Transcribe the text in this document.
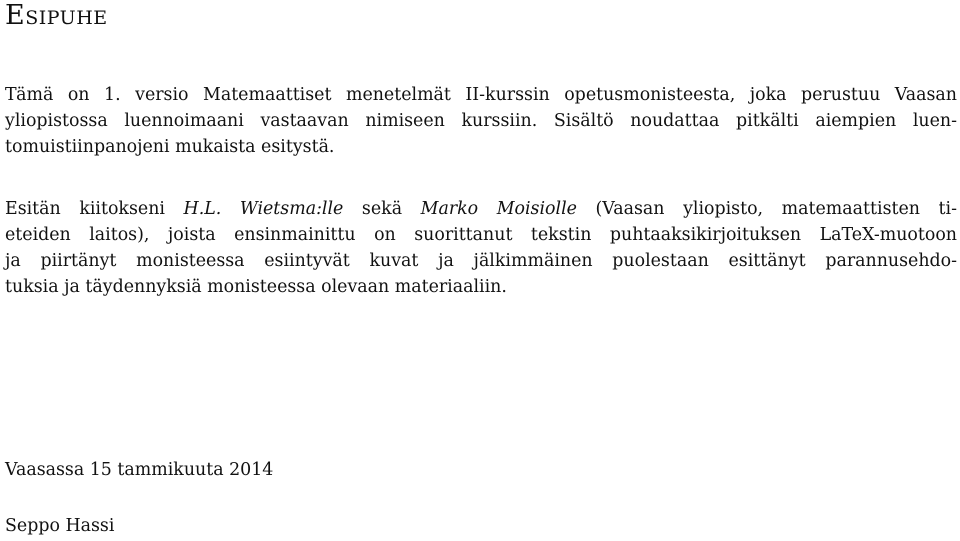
Esipuhe
Tämä on 1. versio Matemaattiset menetelmät II-kurssin opetusmonisteesta, joka perustuu Vaasan
yliopistossa luennoimaani vastaavan nimiseen kurssiin. Sisältö noudattaa pitkälti aiempien luen-
tomuistiinpanojeni mukaista esitystä.
Esitän kiitokseni H.L. Wietsma:lle sekä Marko Moisiolle (Vaasan yliopisto, matemaattisten ti-
eteiden laitos), joista ensinmainittu on suorittanut tekstin puhtaaksikirjoituksen LaTeX-muotoon
ja piirtänyt monisteessa esiintyvät kuvat ja jälkimmäinen puolestaan esittänyt parannusehdo-
tuksia ja täydennyksiä monisteessa olevaan materiaaliin.
Vaasassa 15 tammikuuta 2014
Seppo Hassi
